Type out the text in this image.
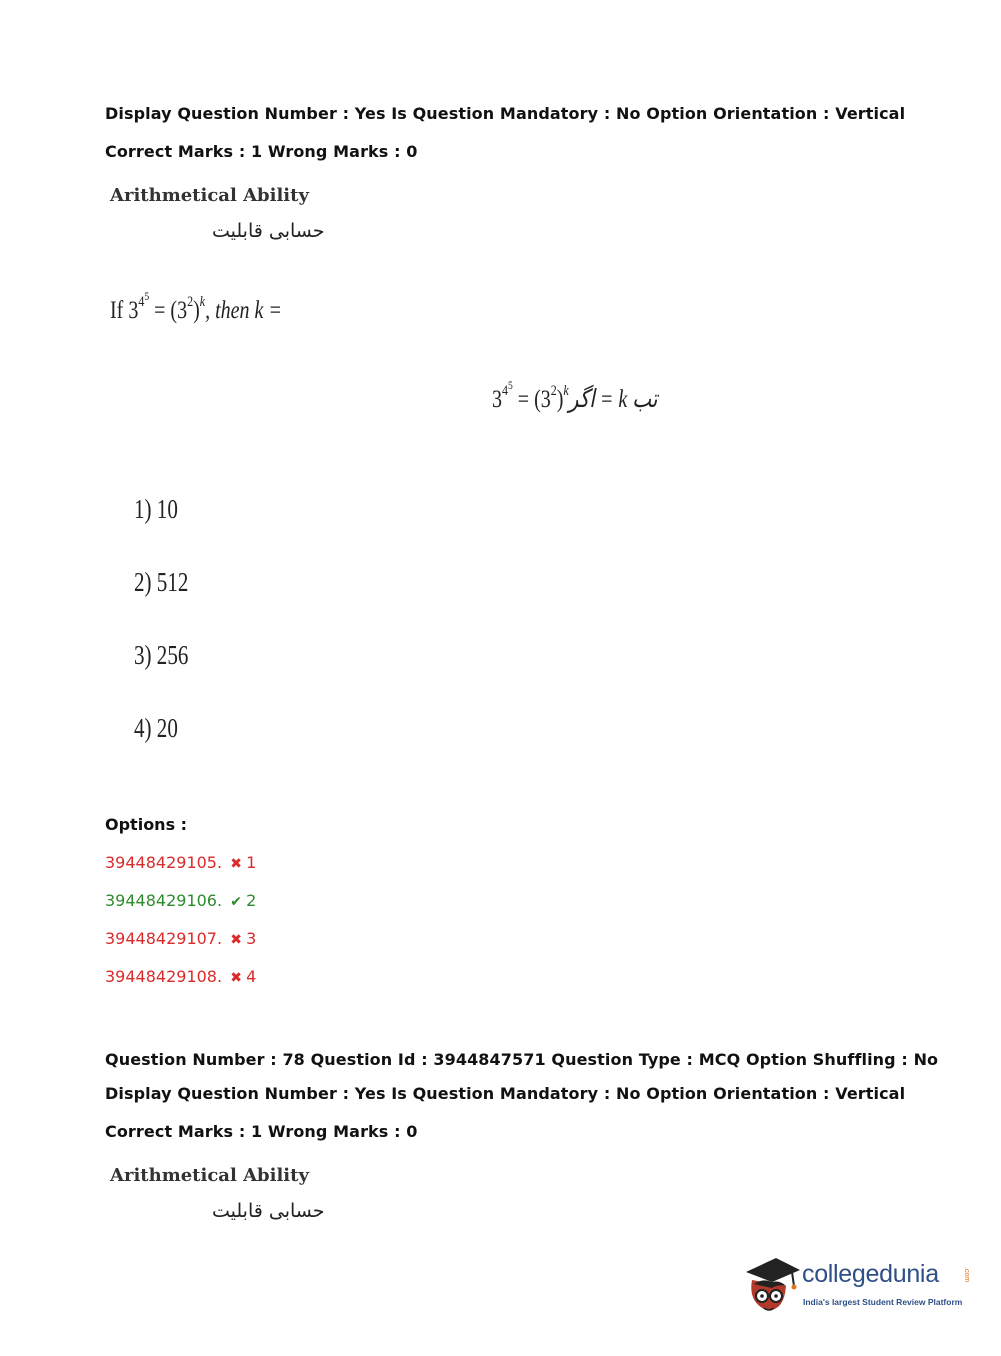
Display Question Number : Yes Is Question Mandatory : No Option Orientation : Vertical
Correct Marks : 1 Wrong Marks : 0
Arithmetical Ability
حسابی قابلیت
If $3^{4^5} = (3^2)^k$, then k =
$3^{4^5}$ = $(3^2)^kتب$ k = اگر
1) 10
2) 512
3) 256
4) 20
Options :
39448429105. ✖ 1
39448429106. ✔ 2
39448429107. ✖ 3
39448429108. ✖ 4
Question Number : 78 Question Id : 3944847571 Question Type : MCQ Option Shuffling : No
Display Question Number : Yes Is Question Mandatory : No Option Orientation : Vertical
Correct Marks : 1 Wrong Marks : 0
Arithmetical Ability
حسابی قابلیت
collegedunia	.com
India's largest Student Review Platform
